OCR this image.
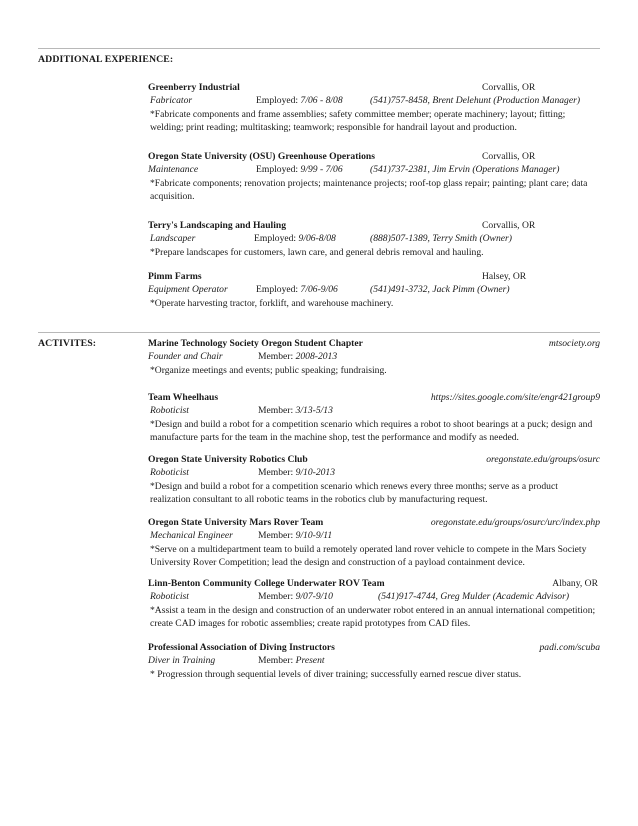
ADDITIONAL EXPERIENCE:
Greenberry Industrial	Corvallis, OR
Fabricator	Employed: 7/06 - 8/08	(541)757-8458, Brent Delehunt (Production Manager)
*Fabricate components and frame assemblies; safety committee member; operate machinery; layout; fitting; welding; print reading; multitasking; teamwork; responsible for handrail layout and production.
Oregon State University (OSU) Greenhouse Operations	Corvallis, OR
Maintenance	Employed: 9/99 - 7/06	(541)737-2381, Jim Ervin (Operations Manager)
*Fabricate components; renovation projects; maintenance projects; roof-top glass repair; painting; plant care; data acquisition.
Terry's Landscaping and Hauling	Corvallis, OR
Landscaper	Employed: 9/06-8/08	(888)507-1389, Terry Smith (Owner)
*Prepare landscapes for customers, lawn care, and general debris removal and hauling.
Pimm Farms	Halsey, OR
Equipment Operator	Employed: 7/06-9/06	(541)491-3732, Jack Pimm (Owner)
*Operate harvesting tractor, forklift, and warehouse machinery.
ACTIVITES:	Marine Technology Society Oregon Student Chapter	mtsociety.org
Founder and Chair	Member: 2008-2013
*Organize meetings and events; public speaking; fundraising.
Team Wheelhaus	https://sites.google.com/site/engr421group9
Roboticist	Member: 3/13-5/13
*Design and build a robot for a competition scenario which requires a robot to shoot bearings at a puck; design and manufacture parts for the team in the machine shop, test the performance and modify as needed.
Oregon State University Robotics Club	oregonstate.edu/groups/osurc
Roboticist	Member: 9/10-2013
*Design and build a robot for a competition scenario which renews every three months; serve as a product realization consultant to all robotic teams in the robotics club by manufacturing request.
Oregon State University Mars Rover Team	oregonstate.edu/groups/osurc/urc/index.php
Mechanical Engineer	Member: 9/10-9/11
*Serve on a multidepartment team to build a remotely operated land rover vehicle to compete in the Mars Society University Rover Competition; lead the design and construction of a payload containment device.
Linn-Benton Community College Underwater ROV Team	Albany, OR
Roboticist	Member: 9/07-9/10	(541)917-4744, Greg Mulder (Academic Advisor)
*Assist a team in the design and construction of an underwater robot entered in an annual international competition; create CAD images for robotic assemblies; create rapid prototypes from CAD files.
Professional Association of Diving Instructors	padi.com/scuba
Diver in Training	Member: Present
* Progression through sequential levels of diver training; successfully earned rescue diver status.
